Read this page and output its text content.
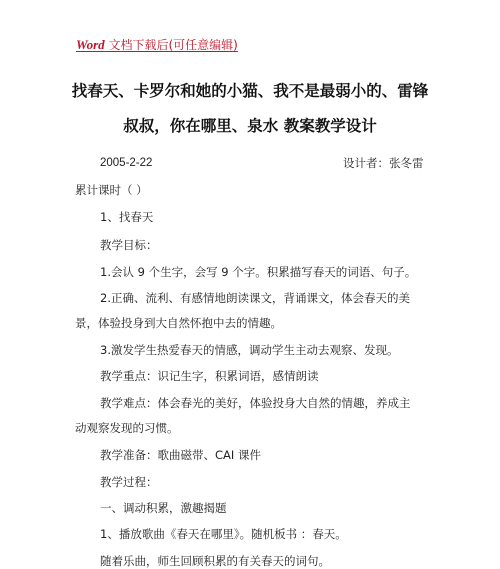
Word 文档下载后(可任意编辑)
找春天、卡罗尔和她的小猫、我不是最弱小的、雷锋
叔叔，你在哪里、泉水 教案教学设计
2005-2-22	设计者：张冬雷
累计课时（ ）
1、找春天
教学目标：
1.会认 9 个生字，会写 9 个字。积累描写春天的词语、句子。
2.正确、流利、有感情地朗读课文，背诵课文，体会春天的美
景，体验投身到大自然怀抱中去的情趣。
3.激发学生热爱春天的情感，调动学生主动去观察、发现。
教学重点：识记生字，积累词语，感情朗读
教学难点：体会春光的美好，体验投身大自然的情趣，养成主
动观察发现的习惯。
教学准备：歌曲磁带、CAI 课件
教学过程：
一、调动积累，激趣揭题
1、播放歌曲《春天在哪里》。随机板书 ：春天。
随着乐曲，师生回顾积累的有关春天的词句。
